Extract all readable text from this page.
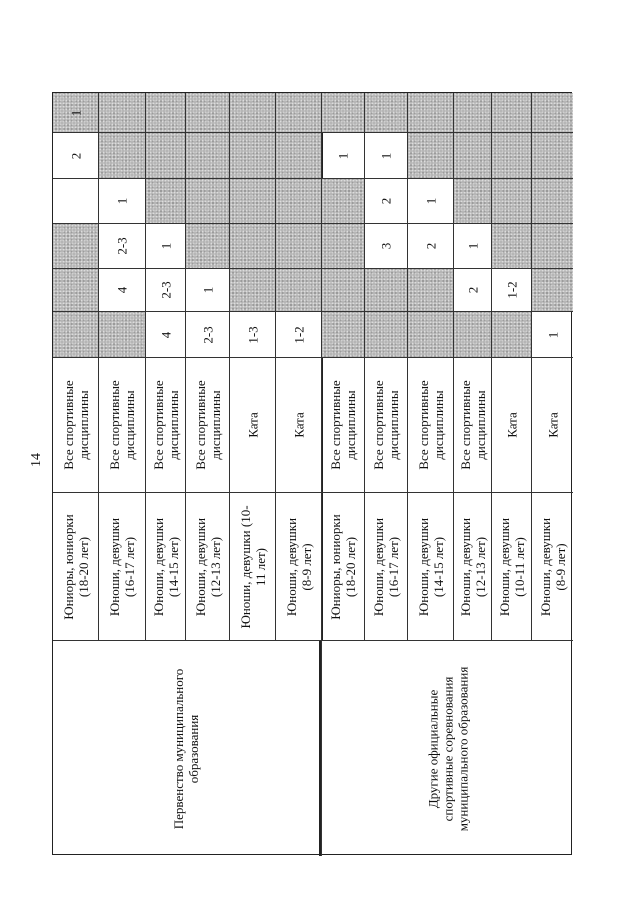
14
1
2
Все спортивные дисциплины
Юниоры, юниорки (18-20 лет)
1
2-3
4
Все спортивные дисциплины
Юноши, девушки (16-17 лет)
1
2-3
4
Все спортивные дисциплины
Юноши, девушки (14-15 лет)
1
2-3
Все спортивные дисциплины
Юноши, девушки (12-13 лет)
1-3
Ката
Юноши, девушки (10- 11 лет)
1-2
Ката
Юноши, девушки (8-9 лет)
Первенство муниципального образования
1
Все спортивные дисциплины
Юниоры, юниорки (18-20 лет)
1
2
3
Все спортивные дисциплины
Юноши, девушки (16-17 лет)
1
2
Все спортивные дисциплины
Юноши, девушки (14-15 лет)
1
2
Все спортивные дисциплины
Юноши, девушки (12-13 лет)
1-2
Ката
Юноши, девушки (10-11 лет)
1
Ката
Юноши, девушки (8-9 лет)
Другие официальные спортивные соревнования муниципального образования
